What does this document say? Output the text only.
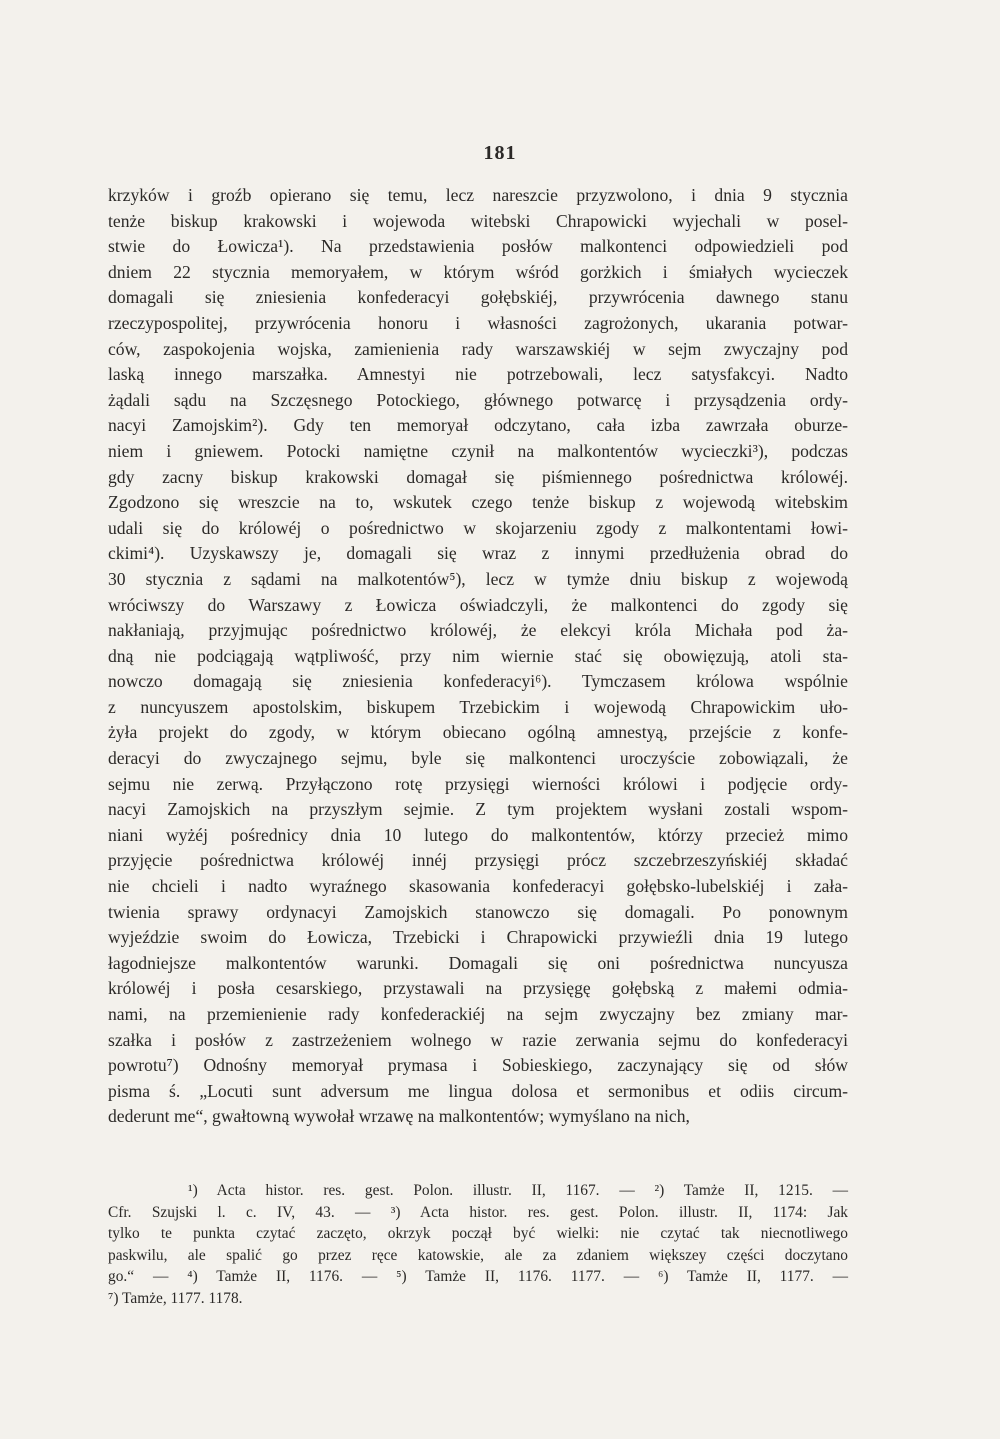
181
krzyków i groźb opierano się temu, lecz nareszcie przyzwolono, i dnia 9 stycznia
tenże biskup krakowski i wojewoda witebski Chrapowicki wyjechali w posel-
stwie do Łowicza¹). Na przedstawienia posłów malkontenci odpowiedzieli pod
dniem 22 stycznia memoryałem, w którym wśród gorżkich i śmiałych wycieczek
domagali się zniesienia konfederacyi gołębskiéj, przywrócenia dawnego stanu
rzeczypospolitej, przywrócenia honoru i własności zagrożonych, ukarania potwar-
ców, zaspokojenia wojska, zamienienia rady warszawskiéj w sejm zwyczajny pod
laską innego marszałka. Amnestyi nie potrzebowali, lecz satysfakcyi. Nadto
żądali sądu na Szczęsnego Potockiego, głównego potwarcę i przysądzenia ordy-
nacyi Zamojskim²). Gdy ten memoryał odczytano, cała izba zawrzała oburze-
niem i gniewem. Potocki namiętne czynił na malkontentów wycieczki³), podczas
gdy zacny biskup krakowski domagał się piśmiennego pośrednictwa królowéj.
Zgodzono się wreszcie na to, wskutek czego tenże biskup z wojewodą witebskim
udali się do królowéj o pośrednictwo w skojarzeniu zgody z malkontentami łowi-
ckimi⁴). Uzyskawszy je, domagali się wraz z innymi przedłużenia obrad do
30 stycznia z sądami na malkotentów⁵), lecz w tymże dniu biskup z wojewodą
wróciwszy do Warszawy z Łowicza oświadczyli, że malkontenci do zgody się
nakłaniają, przyjmując pośrednictwo królowéj, że elekcyi króla Michała pod ża-
dną nie podciągają wątpliwość, przy nim wiernie stać się obowięzują, atoli sta-
nowczo domagają się zniesienia konfederacyi⁶). Tymczasem królowa wspólnie
z nuncyuszem apostolskim, biskupem Trzebickim i wojewodą Chrapowickim uło-
żyła projekt do zgody, w którym obiecano ogólną amnestyą, przejście z konfe-
deracyi do zwyczajnego sejmu, byle się malkontenci uroczyście zobowiązali, że
sejmu nie zerwą. Przyłączono rotę przysięgi wierności królowi i podjęcie ordy-
nacyi Zamojskich na przyszłym sejmie. Z tym projektem wysłani zostali wspom-
niani wyżéj pośrednicy dnia 10 lutego do malkontentów, którzy przecież mimo
przyjęcie pośrednictwa królowéj innéj przysięgi prócz szczebrzeszyńskiéj składać
nie chcieli i nadto wyraźnego skasowania konfederacyi gołębsko-lubelskiéj i zała-
twienia sprawy ordynacyi Zamojskich stanowczo się domagali. Po ponownym
wyjeździe swoim do Łowicza, Trzebicki i Chrapowicki przywieźli dnia 19 lutego
łagodniejsze malkontentów warunki. Domagali się oni pośrednictwa nuncyusza
królowéj i posła cesarskiego, przystawali na przysięgę gołębską z małemi odmia-
nami, na przemienienie rady konfederackiéj na sejm zwyczajny bez zmiany mar-
szałka i posłów z zastrzeżeniem wolnego w razie zerwania sejmu do konfederacyi
powrotu⁷) Odnośny memoryał prymasa i Sobieskiego, zaczynający się od słów
pisma ś. „Locuti sunt adversum me lingua dolosa et sermonibus et odiis circum-
dederunt me“, gwałtowną wywołał wrzawę na malkontentów; wymyślano na nich,
¹) Acta histor. res. gest. Polon. illustr. II, 1167. — ²) Tamże II, 1215. —
Cfr. Szujski l. c. IV, 43. — ³) Acta histor. res. gest. Polon. illustr. II, 1174: Jak
tylko te punkta czytać zaczęto, okrzyk począł być wielki: nie czytać tak niecnotliwego
paskwilu, ale spalić go przez ręce katowskie, ale za zdaniem większey części doczytano
go.“ — ⁴) Tamże II, 1176. — ⁵) Tamże II, 1176. 1177. — ⁶) Tamże II, 1177. —
⁷) Tamże, 1177. 1178.
